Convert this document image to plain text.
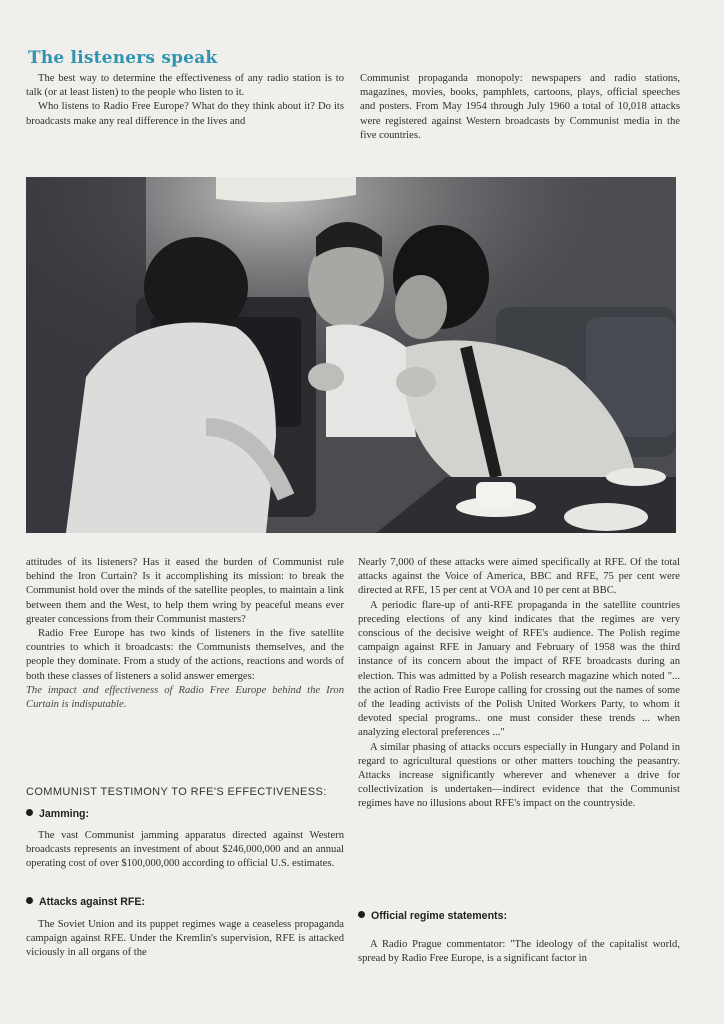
The listeners speak

The best way to determine the effectiveness of any radio station is to talk (or at least listen) to the people who listen to it.

Who listens to Radio Free Europe? What do they think about it? Do its broadcasts make any real difference in the lives and

Communist propaganda monopoly: newspapers and radio stations, magazines, movies, books, pamphlets, cartoons, plays, official speeches and posters. From May 1954 through July 1960 a total of 10,018 attacks were registered against Western broadcasts by Communist media in the five countries.

attitudes of its listeners? Has it eased the burden of Communist rule behind the Iron Curtain? Is it accomplishing its mission: to break the Communist hold over the minds of the satellite peoples, to maintain a link between them and the West, to help them wring by peaceful means ever greater concessions from their Communist masters?

Radio Free Europe has two kinds of listeners in the five satellite countries to which it broadcasts: the Communists themselves, and the people they dominate. From a study of the actions, reactions and words of both these classes of listeners a solid answer emerges:

The impact and effectiveness of Radio Free Europe behind the Iron Curtain is indisputable.

Nearly 7,000 of these attacks were aimed specifically at RFE. Of the total attacks against the Voice of America, BBC and RFE, 75 per cent were directed at RFE, 15 per cent at VOA and 10 per cent at BBC.

A periodic flare-up of anti-RFE propaganda in the satellite countries preceding elections of any kind indicates that the regimes are very conscious of the decisive weight of RFE's audience. The Polish regime campaign against RFE in January and February of 1958 was the third instance of its concern about the impact of RFE broadcasts during an election. This was admitted by a Polish research magazine which noted "... the action of Radio Free Europe calling for crossing out the names of some of the leading activists of the Polish United Workers Party, to whom it devoted special programs.. one must consider these trends ... when analyzing electoral preferences ..."

A similar phasing of attacks occurs especially in Hungary and Poland in regard to agricultural questions or other matters touching the peasantry. Attacks increase significantly wherever and whenever a drive for collectivization is undertaken—indirect evidence that the Communist regimes have no illusions about RFE's impact on the countryside.

COMMUNIST TESTIMONY TO RFE'S EFFECTIVENESS:
Jamming:

The vast Communist jamming apparatus directed against Western broadcasts represents an investment of about $246,000,000 and an annual operating cost of over $100,000,000 according to official U.S. estimates.

Attacks against RFE:

The Soviet Union and its puppet regimes wage a ceaseless propaganda campaign against RFE. Under the Kremlin's supervision, RFE is attacked viciously in all organs of the

Official regime statements:

A Radio Prague commentator: "The ideology of the capitalist world, spread by Radio Free Europe, is a significant factor in
